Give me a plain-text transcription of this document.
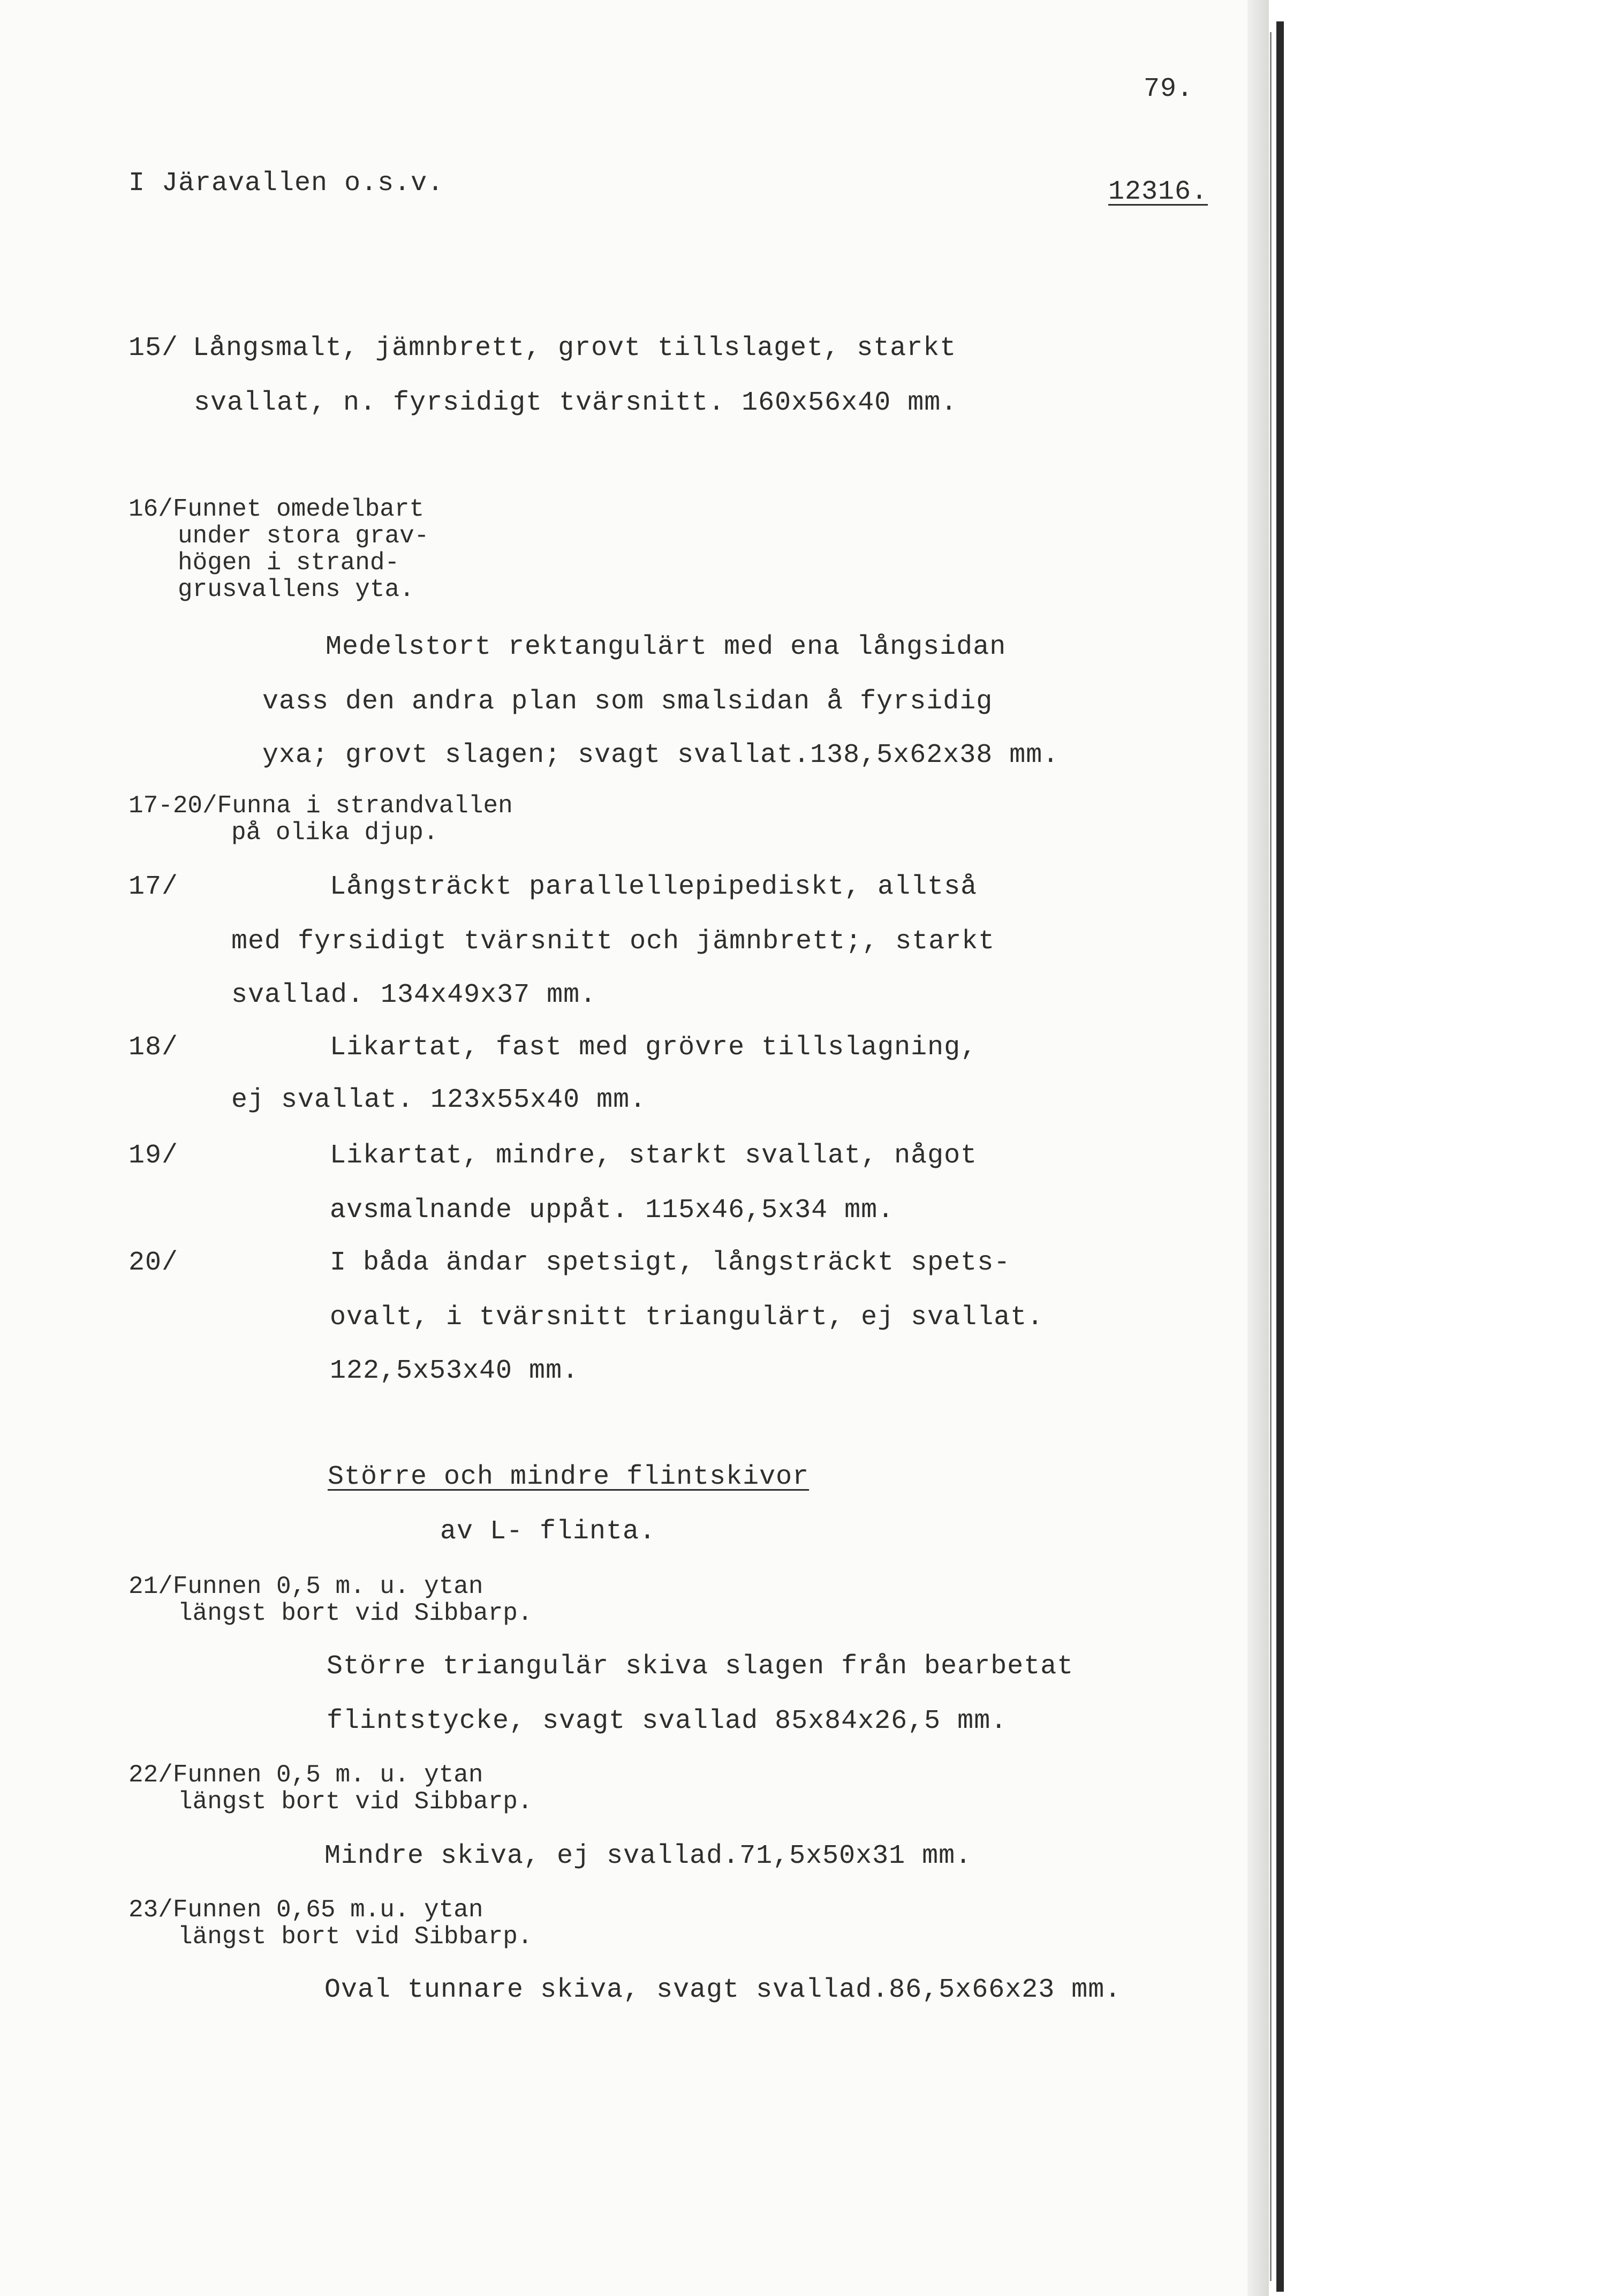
79.
I Järavallen o.s.v.	12316.
15/ Långsmalt, jämnbrett, grovt tillslaget, starkt
svallat, n. fyrsidigt tvärsnitt. 160x56x40 mm.
16/Funnet omedelbart
under stora grav-
högen i strand-
grusvallens yta.
Medelstort rektangulärt med ena långsidan
vass den andra plan som smalsidan å fyrsidig
yxa; grovt slagen; svagt svallat.138,5x62x38 mm.
17-20/Funna i strandvallen
på olika djup.
17/	Långsträckt parallellepipediskt, alltså
med fyrsidigt tvärsnitt och jämnbrett;, starkt
svallad. 134x49x37 mm.
18/	Likartat, fast med grövre tillslagning,
ej svallat. 123x55x40 mm.
19/	Likartat, mindre, starkt svallat, något
avsmalnande uppåt. 115x46,5x34 mm.
20/	I båda ändar spetsigt, långsträckt spets-
ovalt, i tvärsnitt triangulärt, ej svallat.
122,5x53x40 mm.
Större och mindre flintskivor
av L- flinta.
21/Funnen 0,5 m. u. ytan
längst bort vid Sibbarp.
Större triangulär skiva slagen från bearbetat
flintstycke, svagt svallad 85x84x26,5 mm.
22/Funnen 0,5 m. u. ytan
längst bort vid Sibbarp.
Mindre skiva, ej svallad.71,5x50x31 mm.
23/Funnen 0,65 m.u. ytan
längst bort vid Sibbarp.
Oval tunnare skiva, svagt svallad.86,5x66x23 mm.
